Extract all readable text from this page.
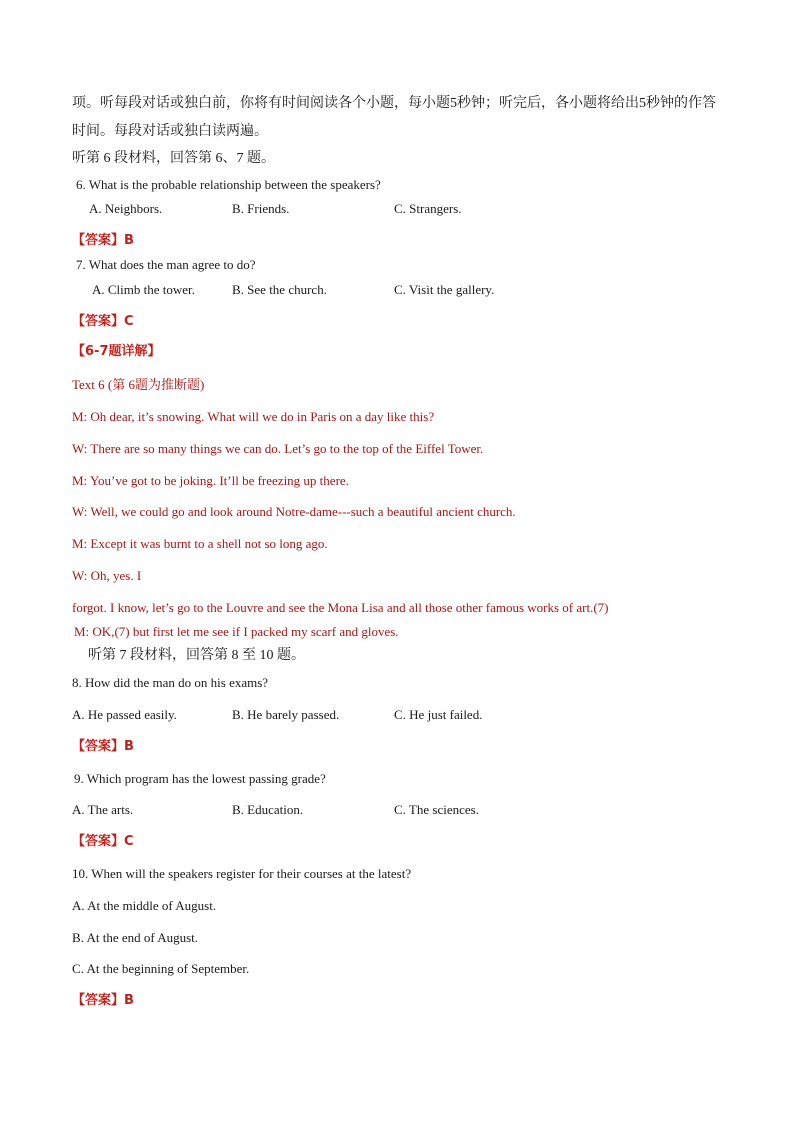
项。听每段对话或独白前，你将有时间阅读各个小题，每小题5秒钟；听完后，各小题将给出5秒钟的作答
时间。每段对话或独白读两遍。
听第 6 段材料，回答第 6、7 题。
6. What is the probable relationship between the speakers?
A. Neighbors.	B. Friends.	C. Strangers.
【答案】B
7. What does the man agree to do?
A. Climb the tower.	B. See the church.	C. Visit the gallery.
【答案】C
【6-7题详解】
Text 6 (第 6题为推断题)
M: Oh dear, it’s snowing. What will we do in Paris on a day like this?
W: There are so many things we can do. Let’s go to the top of the Eiffel Tower.
M: You’ve got to be joking. It’ll be freezing up there.
W: Well, we could go and look around Notre-dame---such a beautiful ancient church.
M: Except it was burnt to a shell not so long ago.
W: Oh, yes. I
forgot. I know, let’s go to the Louvre and see the Mona Lisa and all those other famous works of art.(7)
M: OK,(7) but first let me see if I packed my scarf and gloves.
听第 7 段材料，回答第 8 至 10 题。
8. How did the man do on his exams?
A. He passed easily.	B. He barely passed.	C. He just failed.
【答案】B
9. Which program has the lowest passing grade?
A. The arts.	B. Education.	C. The sciences.
【答案】C
10. When will the speakers register for their courses at the latest?
A. At the middle of August.
B. At the end of August.
C. At the beginning of September.
【答案】B
